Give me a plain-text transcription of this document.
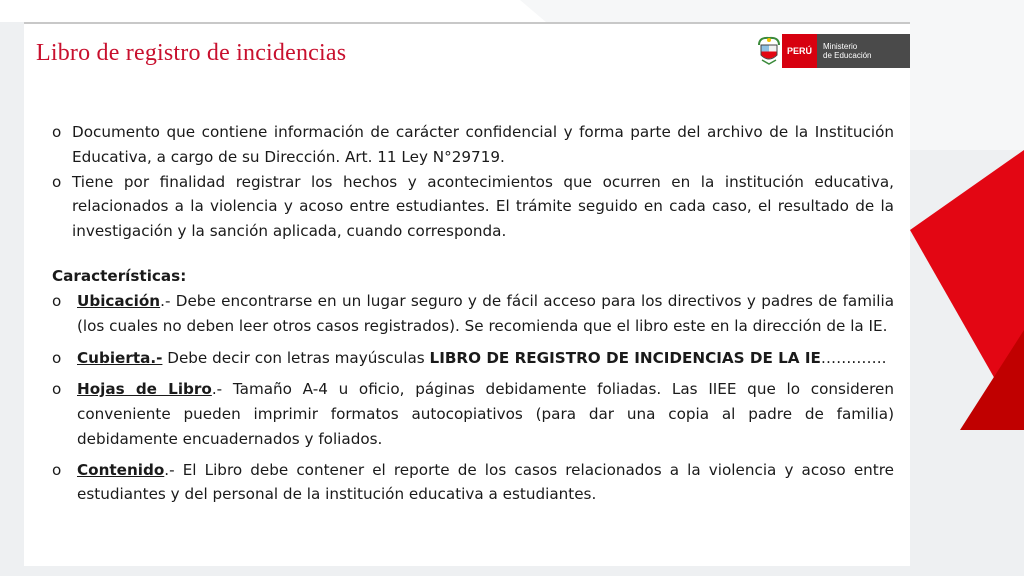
Libro de registro de incidencias	PERÚ	Ministerio
de Educación
o Documento que contiene información de carácter confidencial y forma parte del archivo de la Institución Educativa, a cargo de su Dirección. Art. 11 Ley N°29719.
o Tiene por finalidad registrar los hechos y acontecimientos que ocurren en la institución educativa, relacionados a la violencia y acoso entre estudiantes. El trámite seguido en cada caso, el resultado de la investigación y la sanción aplicada, cuando corresponda.
Características:
o Ubicación.- Debe encontrarse en un lugar seguro y de fácil acceso para los directivos y padres de familia (los cuales no deben leer otros casos registrados). Se recomienda que el libro este en la dirección de la IE.
o Cubierta.- Debe decir con letras mayúsculas LIBRO DE REGISTRO DE INCIDENCIAS DE LA IE………….
o Hojas de Libro.- Tamaño A-4 u oficio, páginas debidamente foliadas. Las IIEE que lo consideren conveniente pueden imprimir formatos autocopiativos (para dar una copia al padre de familia) debidamente encuadernados y foliados.
o Contenido.- El Libro debe contener el reporte de los casos relacionados a la violencia y acoso entre estudiantes y del personal de la institución educativa a estudiantes.
